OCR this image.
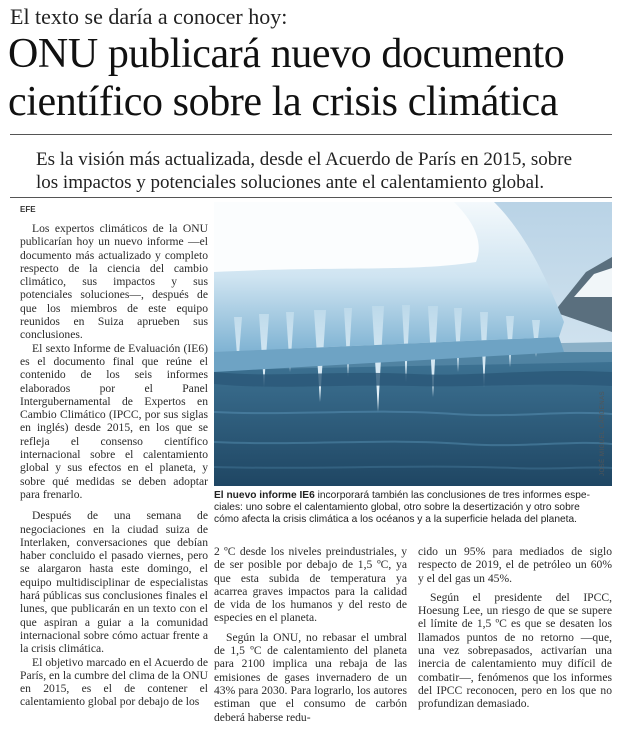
El texto se daría a conocer hoy:
ONU publicará nuevo documento
científico sobre la crisis climática
Es la visión más actualizada, desde el Acuerdo de París en 2015, sobre
los impactos y potenciales soluciones ante el calentamiento global.
EFE

Los expertos climáticos de la ONU publicarían hoy un nuevo informe —el documento más actualizado y completo respecto de la ciencia del cambio climático, sus impactos y sus potenciales soluciones—, después de que los miembros de este equipo reunidos en Suiza aprueben sus conclusiones.

El sexto Informe de Evaluación (IE6) es el documento final que reúne el contenido de los seis informes elaborados por el Panel Intergubernamental de Expertos en Cambio Climático (IPCC, por sus siglas en inglés) desde 2015, en los que se refleja el consenso científico internacional sobre el calentamiento global y sus efectos en el planeta, y sobre qué medidas se deben adoptar para frenarlo.

Después de una semana de negociaciones en la ciudad suiza de Interlaken, conversaciones que debían haber concluido el pasado viernes, pero se alargaron hasta este domingo, el equipo multidisciplinar de especialistas hará públicas sus conclusiones finales el lunes, que publicarán en un texto con el que aspiran a guiar a la comunidad internacional sobre cómo actuar frente a la crisis climática.

El objetivo marcado en el Acuerdo de París, en la cumbre del clima de la ONU en 2015, es el de contener el calentamiento global por debajo de los

JOSÉ MIGUEL CÁRDENAS
El nuevo informe IE6 incorporará también las conclusiones de tres informes espe-
ciales: uno sobre el calentamiento global, otro sobre la desertización y otro sobre
cómo afecta la crisis climática a los océanos y a la superficie helada del planeta.

2 ºC desde los niveles preindustriales, y de ser posible por debajo de 1,5 ºC, ya que esta subida de temperatura ya acarrea graves impactos para la calidad de vida de los humanos y del resto de especies en el planeta.

Según la ONU, no rebasar el umbral de 1,5 ºC de calentamiento del planeta para 2100 implica una rebaja de las emisiones de gases invernadero de un 43% para 2030. Para lograrlo, los autores estiman que el consumo de carbón deberá haberse redu-

cido un 95% para mediados de siglo respecto de 2019, el de petróleo un 60% y el del gas un 45%.

Según el presidente del IPCC, Hoesung Lee, un riesgo de que se supere el límite de 1,5 ºC es que se desaten los llamados puntos de no retorno —que, una vez sobrepasados, activarían una inercia de calentamiento muy difícil de combatir—, fenómenos que los informes del IPCC reconocen, pero en los que no profundizan demasiado.
